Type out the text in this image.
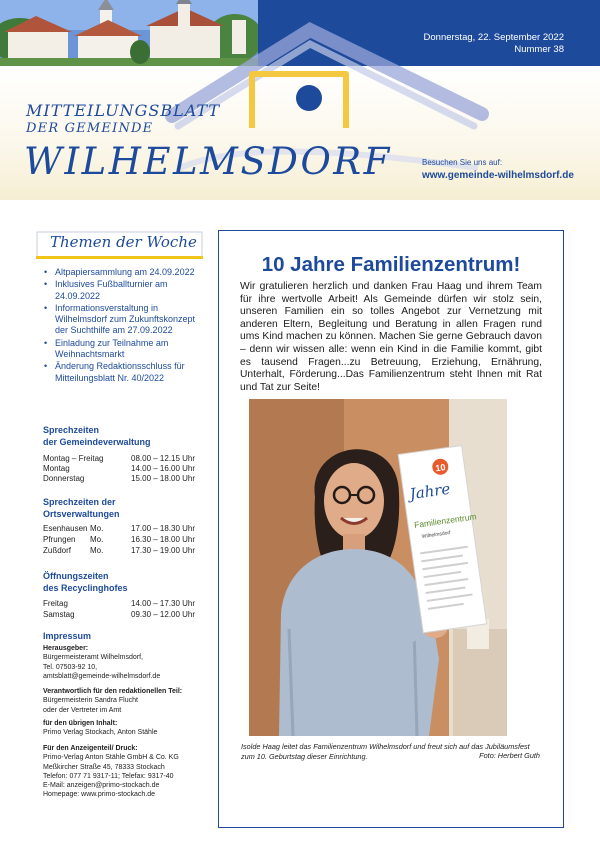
Donnerstag, 22. September 2022
Nummer 38
MITTEILUNGSBLATT
DER GEMEINDE
WILHELMSDORF	Besuchen Sie uns auf:
www.gemeinde-wilhelmsdorf.de
Themen der Woche
• Altpapiersammlung am 24.09.2022
• Inklusives Fußballturnier am 24.09.2022
• Informationsverstaltung in Wilhelmsdorf zum Zukunftskonzept der Suchthilfe am 27.09.2022
• Einladung zur Teilnahme am Weihnachtsmarkt
• Änderung Redaktionsschluss für Mitteilungsblatt Nr. 40/2022
Sprechzeiten
der Gemeindeverwaltung
Montag – Freitag	08.00 – 12.15 Uhr
Montag	14.00 – 16.00 Uhr
Donnerstag	15.00 – 18.00 Uhr
Sprechzeiten der
Ortsverwaltungen
Esenhausen Mo.	17.00 – 18.30 Uhr
Pfrungen Mo.	16.30 – 18.00 Uhr
Zußdorf Mo.	17.30 – 19.00 Uhr
Öffnungszeiten
des Recyclinghofes
Freitag	14.00 – 17.30 Uhr
Samstag	09.30 – 12.00 Uhr
Impressum
Herausgeber:
Bürgermeisteramt Wilhelmsdorf,
Tel. 07503-92 10,
amtsblatt@gemeinde-wilhelmsdorf.de
Verantwortlich für den redaktionellen Teil:
Bürgermeisterin Sandra Flucht
oder der Vertreter im Amt
für den übrigen Inhalt:
Primo Verlag Stockach, Anton Stähle
Für den Anzeigenteil/ Druck:
Primo-Verlag Anton Stähle GmbH & Co. KG
Meßkircher Straße 45, 78333 Stockach
Telefon: 077 71 9317-11; Telefax: 9317-40
E-Mail: anzeigen@primo-stockach.de
Homepage: www.primo-stockach.de
10 Jahre Familienzentrum!
Wir gratulieren herzlich und danken Frau Haag und ihrem Team für ihre wertvolle Arbeit! Als Gemeinde dürfen wir stolz sein, unseren Familien ein so tolles Angebot zur Vernetzung mit anderen Eltern, Begleitung und Beratung in allen Fragen rund ums Kind machen zu können. Machen Sie gerne Gebrauch davon – denn wir wissen alle: wenn ein Kind in die Familie kommt, gibt es tausend Fragen...zu Betreuung, Erziehung, Ernährung, Unterhalt, Förderung...Das Familienzentrum steht Ihnen mit Rat und Tat zur Seite!
10
Jahre
Familienzentrum
Wilhelmsdorf
Isolde Haag leitet das Familienzentrum Wilhelmsdorf und freut sich auf das Jubiläumsfest zum 10. Geburtstag dieser Einrichtung.	Foto: Herbert Guth
